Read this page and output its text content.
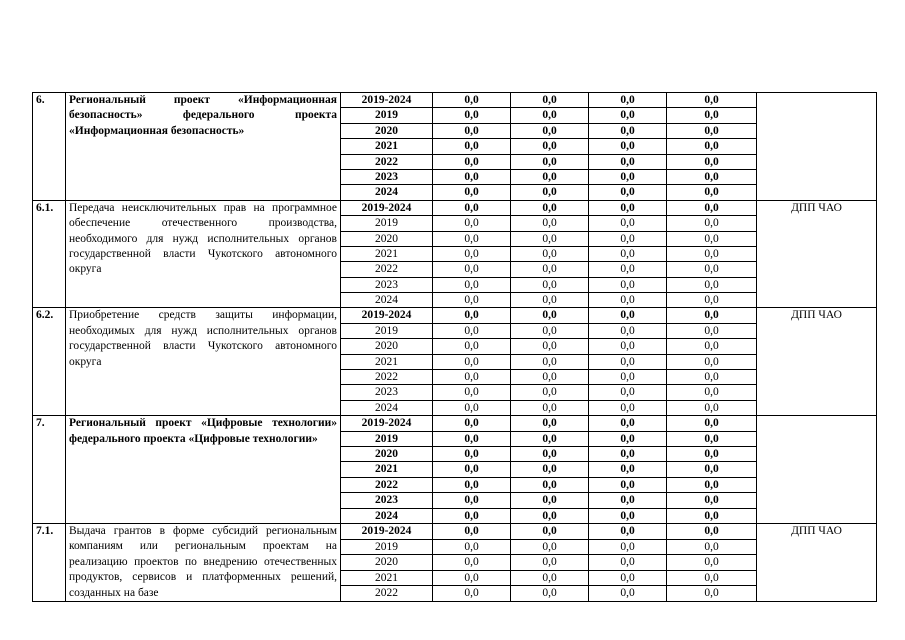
6.	Региональный проект «Информационная безопасность» федерального проекта «Информационная безопасность»	2019-2024	0,0	0,0	0,0	0,0	
		2019	0,0	0,0	0,0	0,0	
		2020	0,0	0,0	0,0	0,0	
		2021	0,0	0,0	0,0	0,0	
		2022	0,0	0,0	0,0	0,0	
		2023	0,0	0,0	0,0	0,0	
		2024	0,0	0,0	0,0	0,0	
6.1.	Передача неисключительных прав на программное обеспечение отечественного производства, необходимого для нужд исполнительных органов государственной власти Чукотского автономного округа	2019-2024	0,0	0,0	0,0	0,0	ДПП ЧАО
		2019	0,0	0,0	0,0	0,0	
		2020	0,0	0,0	0,0	0,0	
		2021	0,0	0,0	0,0	0,0	
		2022	0,0	0,0	0,0	0,0	
		2023	0,0	0,0	0,0	0,0	
		2024	0,0	0,0	0,0	0,0	
6.2.	Приобретение средств защиты информации, необходимых для нужд исполнительных органов государственной власти Чукотского автономного округа	2019-2024	0,0	0,0	0,0	0,0	ДПП ЧАО
		2019	0,0	0,0	0,0	0,0	
		2020	0,0	0,0	0,0	0,0	
		2021	0,0	0,0	0,0	0,0	
		2022	0,0	0,0	0,0	0,0	
		2023	0,0	0,0	0,0	0,0	
		2024	0,0	0,0	0,0	0,0	
7.	Региональный проект «Цифровые технологии» федерального проекта «Цифровые технологии»	2019-2024	0,0	0,0	0,0	0,0	
		2019	0,0	0,0	0,0	0,0	
		2020	0,0	0,0	0,0	0,0	
		2021	0,0	0,0	0,0	0,0	
		2022	0,0	0,0	0,0	0,0	
		2023	0,0	0,0	0,0	0,0	
		2024	0,0	0,0	0,0	0,0	
7.1.	Выдача грантов в форме субсидий региональным компаниям или региональным проектам на реализацию проектов по внедрению отечественных продуктов, сервисов и платформенных решений, созданных на базе	2019-2024	0,0	0,0	0,0	0,0	ДПП ЧАО
		2019	0,0	0,0	0,0	0,0	
		2020	0,0	0,0	0,0	0,0	
		2021	0,0	0,0	0,0	0,0	
		2022	0,0	0,0	0,0	0,0	
